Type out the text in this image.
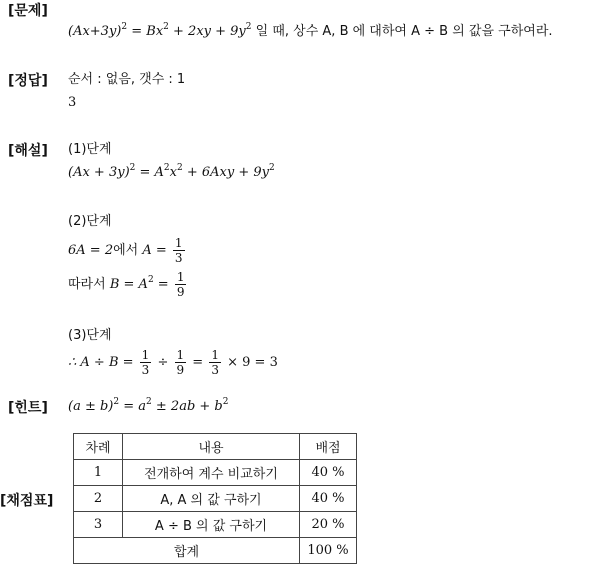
[문제]
[정답]
[해설]
[힌트]
[채점표]
$(Ax+3y)^2 = Bx^2 + 2xy + 9y^2$ 일 때, 상수 A, B 에 대하여 A ÷ B 의 값을 구하여라.
순서 : 없음, 갯수 : 1
3
(1)단계
$(Ax + 3y)^2 = A^2x^2 + 6Axy + 9y^2$
(2)단계
6A = 2에서 $A = \frac{1}{3}$
따라서 $B = A^2 = \frac{1}{9}$
(3)단계
∴ $A \div B = \frac{1}{3} \div \frac{1}{9} = \frac{1}{3} \times 9 = 3$
$(a \pm b)^2 = a^2 \pm 2ab + b^2$
차례	내용	배점
1	전개하여 계수 비교하기	40 %
2	A, A 의 값 구하기	40 %
3	A ÷ B 의 값 구하기	20 %
합계		100 %
